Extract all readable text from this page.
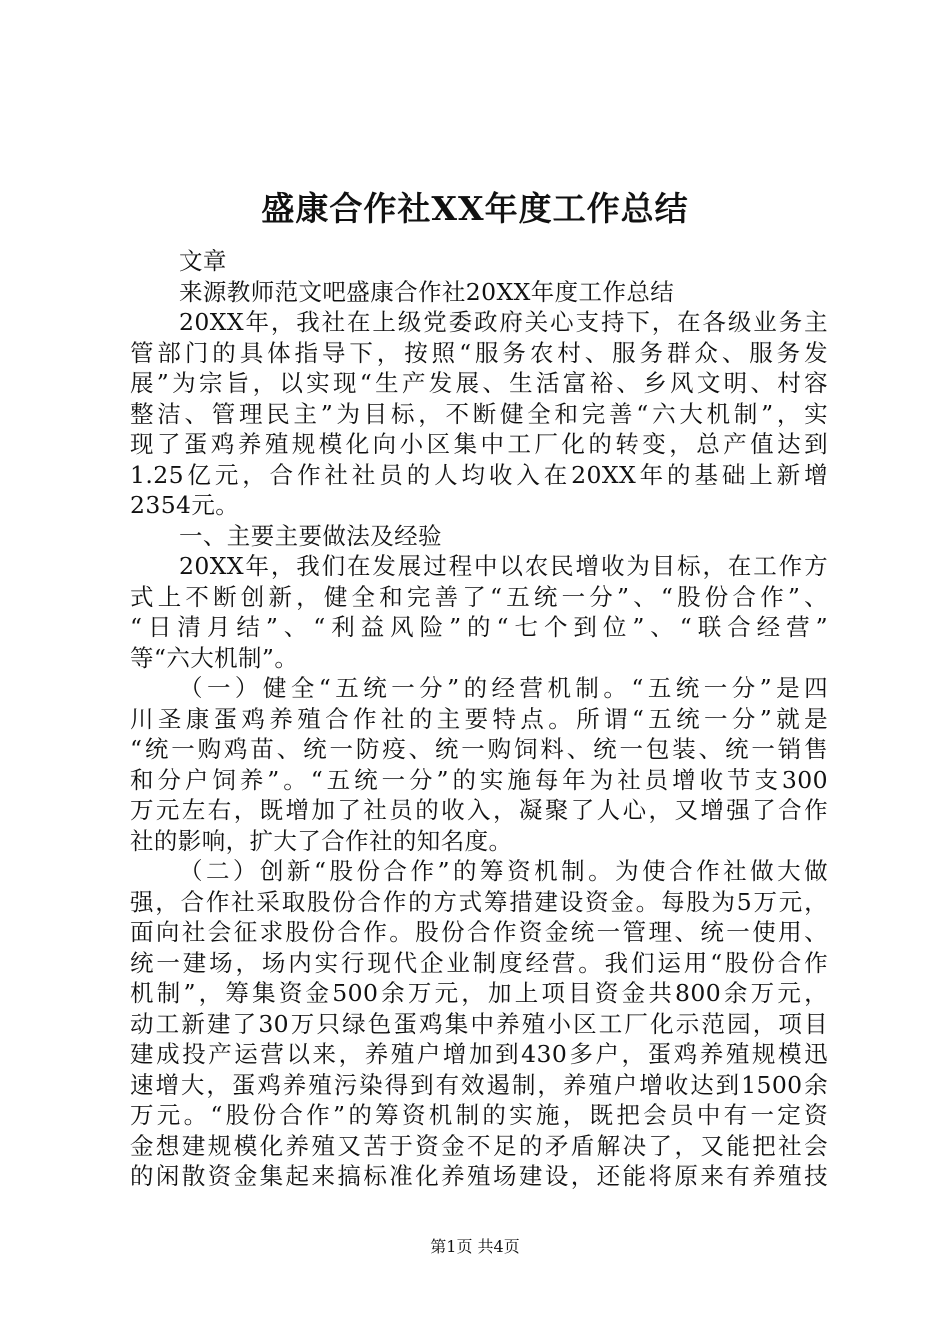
盛康合作社XX年度工作总结
文章
来源教师范文吧盛康合作社20XX年度工作总结
20XX年，我社在上级党委政府关心支持下，在各级业务主
管部门的具体指导下，按照“服务农村、服务群众、服务发
展”为宗旨，以实现“生产发展、生活富裕、乡风文明、村容
整洁、管理民主”为目标，不断健全和完善“六大机制”，实
现了蛋鸡养殖规模化向小区集中工厂化的转变，总产值达到
1.25亿元，合作社社员的人均收入在20XX年的基础上新增
2354元。
一、主要主要做法及经验
20XX年，我们在发展过程中以农民增收为目标，在工作方
式上不断创新，健全和完善了“五统一分”、“股份合作”、
“日清月结”、“利益风险”的“七个到位”、“联合经营”
等“六大机制”。
（一）健全“五统一分”的经营机制。“五统一分”是四
川圣康蛋鸡养殖合作社的主要特点。所谓“五统一分”就是
“统一购鸡苗、统一防疫、统一购饲料、统一包装、统一销售
和分户饲养”。“五统一分”的实施每年为社员增收节支300
万元左右，既增加了社员的收入，凝聚了人心，又增强了合作
社的影响，扩大了合作社的知名度。
（二）创新“股份合作”的筹资机制。为使合作社做大做
强，合作社采取股份合作的方式筹措建设资金。每股为5万元，
面向社会征求股份合作。股份合作资金统一管理、统一使用、
统一建场，场内实行现代企业制度经营。我们运用“股份合作
机制”，筹集资金500余万元，加上项目资金共800余万元，
动工新建了30万只绿色蛋鸡集中养殖小区工厂化示范园，项目
建成投产运营以来，养殖户增加到430多户，蛋鸡养殖规模迅
速增大，蛋鸡养殖污染得到有效遏制，养殖户增收达到1500余
万元。“股份合作”的筹资机制的实施，既把会员中有一定资
金想建规模化养殖又苦于资金不足的矛盾解决了，又能把社会
的闲散资金集起来搞标准化养殖场建设，还能将原来有养殖技
第1页 共4页
